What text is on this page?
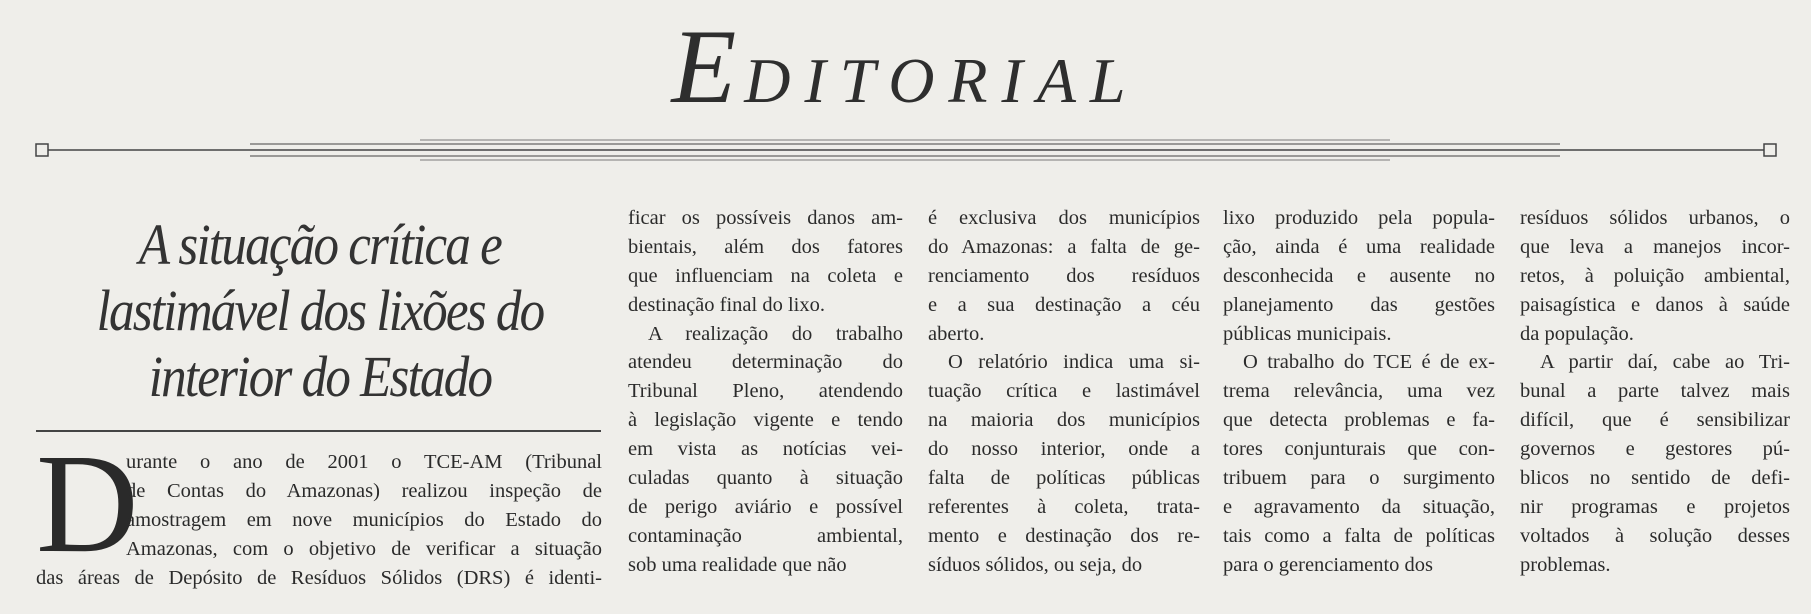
EDITORIAL
A situação crítica e
lastimável dos lixões do
interior do Estado
D
urante o ano de 2001 o TCE-AM (Tribunal
de Contas do Amazonas) realizou inspeção de
amostragem em nove municípios do Estado do
Amazonas, com o objetivo de verificar a situação
das áreas de Depósito de Resíduos Sólidos (DRS) é identi-
ficar os possíveis danos am-
bientais, além dos fatores
que influenciam na coleta e
destinação final do lixo.
A realização do trabalho
atendeu determinação do
Tribunal Pleno, atendendo
à legislação vigente e tendo
em vista as notícias vei-
culadas quanto à situação
de perigo aviário e possível
contaminação ambiental,
sob uma realidade que não
é exclusiva dos municípios
do Amazonas: a falta de ge-
renciamento dos resíduos
e a sua destinação a céu
aberto.
O relatório indica uma si-
tuação crítica e lastimável
na maioria dos municípios
do nosso interior, onde a
falta de políticas públicas
referentes à coleta, trata-
mento e destinação dos re-
síduos sólidos, ou seja, do
lixo produzido pela popula-
ção, ainda é uma realidade
desconhecida e ausente no
planejamento das gestões
públicas municipais.
O trabalho do TCE é de ex-
trema relevância, uma vez
que detecta problemas e fa-
tores conjunturais que con-
tribuem para o surgimento
e agravamento da situação,
tais como a falta de políticas
para o gerenciamento dos
resíduos sólidos urbanos, o
que leva a manejos incor-
retos, à poluição ambiental,
paisagística e danos à saúde
da população.
A partir daí, cabe ao Tri-
bunal a parte talvez mais
difícil, que é sensibilizar
governos e gestores pú-
blicos no sentido de defi-
nir programas e projetos
voltados à solução desses
problemas.
